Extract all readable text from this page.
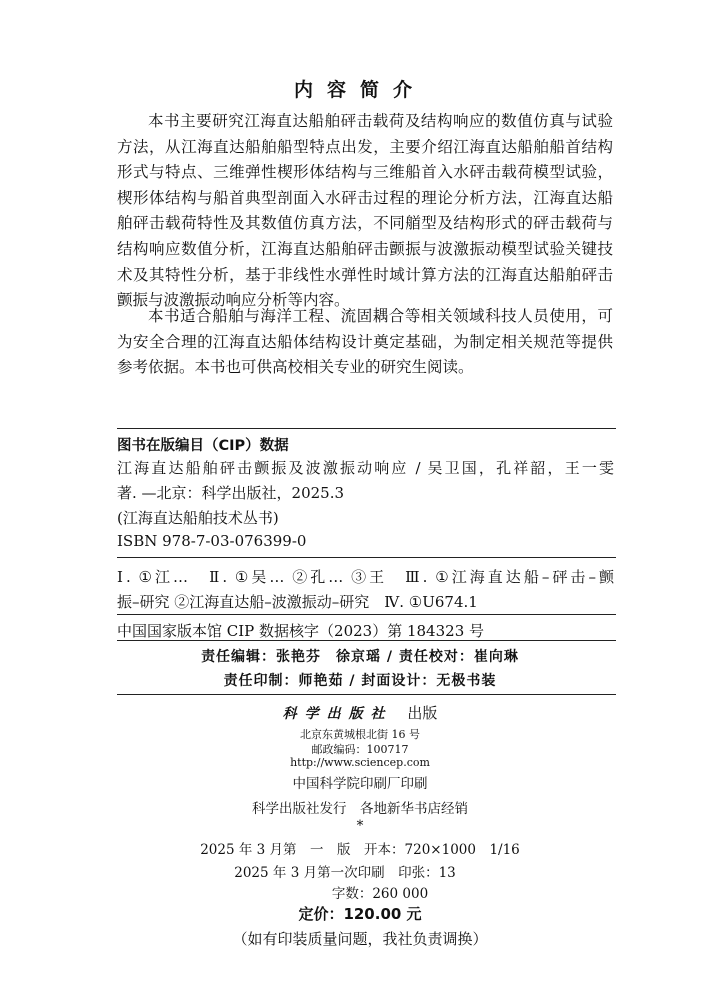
内容简介
本书主要研究江海直达船舶砰击载荷及结构响应的数值仿真与试验
方法，从江海直达船舶船型特点出发，主要介绍江海直达船舶船首结构
形式与特点、三维弹性楔形体结构与三维船首入水砰击载荷模型试验，
楔形体结构与船首典型剖面入水砰击过程的理论分析方法，江海直达船
舶砰击载荷特性及其数值仿真方法，不同艏型及结构形式的砰击载荷与
结构响应数值分析，江海直达船舶砰击颤振与波激振动模型试验关键技
术及其特性分析，基于非线性水弹性时域计算方法的江海直达船舶砰击
颤振与波激振动响应分析等内容。
本书适合船舶与海洋工程、流固耦合等相关领域科技人员使用，可
为安全合理的江海直达船体结构设计奠定基础，为制定相关规范等提供
参考依据。本书也可供高校相关专业的研究生阅读。
图书在版编目（CIP）数据
江海直达船舶砰击颤振及波激振动响应 / 吴卫国，孔祥韶，王一雯
著. —北京：科学出版社，2025.3
(江海直达船舶技术丛书)
ISBN 978-7-03-076399-0
Ⅰ. ①江…　Ⅱ. ①吴… ②孔… ③王　Ⅲ. ①江海直达船–砰击–颤
振–研究 ②江海直达船–波激振动–研究　Ⅳ. ①U674.1
中国国家版本馆 CIP 数据核字（2023）第 184323 号
责任编辑：张艳芬　徐京瑶 / 责任校对：崔向琳
责任印制：师艳茹 / 封面设计：无极书装
科学出版社 出版
北京东黄城根北街 16 号
邮政编码：100717
http://www.sciencep.com
中国科学院印刷厂印刷
科学出版社发行　各地新华书店经销
*
2025 年 3 月第　一　版　开本：720×1000　1/16
2025 年 3 月第一次印刷　印张：13
字数：260 000
定价：120.00 元
（如有印装质量问题，我社负责调换）
